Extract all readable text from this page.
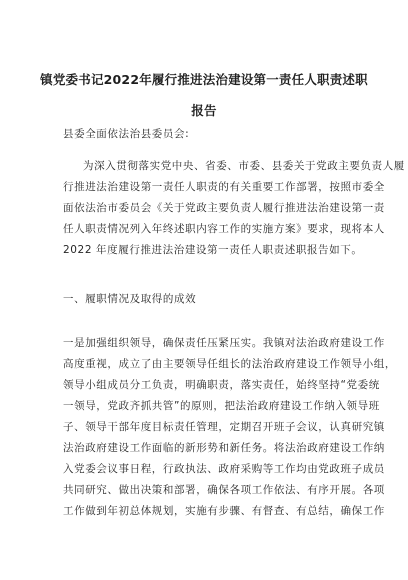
镇党委书记2022年履行推进法治建设第一责任人职责述职
报告
县委全面依法治县委员会:
为深入贯彻落实党中央、省委、市委、县委关于党政主要负责人履
行推进法治建设第一责任人职责的有关重要工作部署，按照市委全
面依法治市委员会《关于党政主要负责人履行推进法治建设第一责
任人职责情况列入年终述职内容工作的实施方案》要求，现将本人
2022 年度履行推进法治建设第一责任人职责述职报告如下。
一、履职情况及取得的成效
一是加强组织领导，确保责任压紧压实。我镇对法治政府建设工作
高度重视，成立了由主要领导任组长的法治政府建设工作领导小组，
领导小组成员分工负责，明确职责，落实责任，始终坚持“党委统
一领导，党政齐抓共管”的原则，把法治政府建设工作纳入领导班
子、领导干部年度目标责任管理，定期召开班子会议，认真研究镇
法治政府建设工作面临的新形势和新任务。将法治政府建设工作纳
入党委会议事日程，行政执法、政府采购等工作均由党政班子成员
共同研究、做出决策和部署，确保各项工作依法、有序开展。各项
工作做到年初总体规划，实施有步骤、有督查、有总结，确保工作
